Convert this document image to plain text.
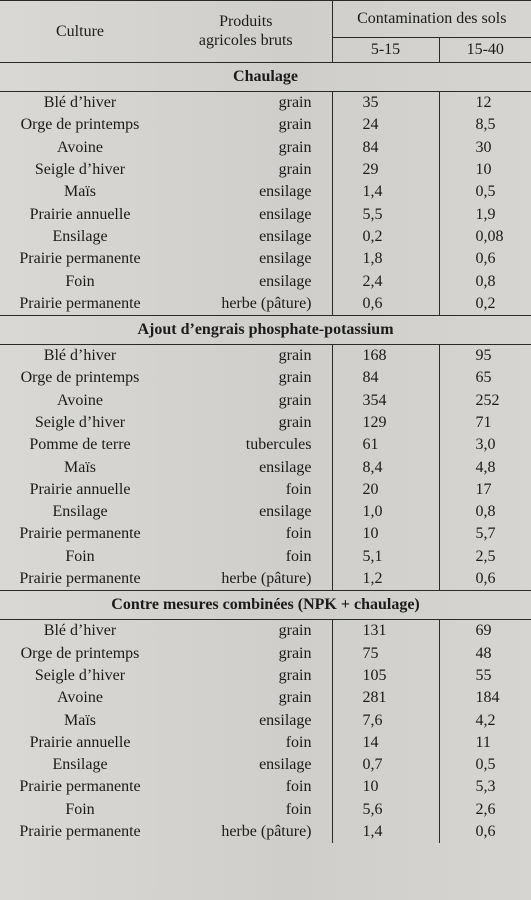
Culture	Produits agricoles bruts	Contamination des sols	
		5-15	15-40
Chaulage			
Blé d’hiver	grain	35	12
Orge de printemps	grain	24	8,5
Avoine	grain	84	30
Seigle d’hiver	grain	29	10
Maïs	ensilage	1,4	0,5
Prairie annuelle	ensilage	5,5	1,9
Ensilage	ensilage	0,2	0,08
Prairie permanente	ensilage	1,8	0,6
Foin	ensilage	2,4	0,8
Prairie permanente	herbe (pâture)	0,6	0,2
Ajout d’engrais phosphate-potassium			
Blé d’hiver	grain	168	95
Orge de printemps	grain	84	65
Avoine	grain	354	252
Seigle d’hiver	grain	129	71
Pomme de terre	tubercules	61	3,0
Maïs	ensilage	8,4	4,8
Prairie annuelle	foin	20	17
Ensilage	ensilage	1,0	0,8
Prairie permanente	foin	10	5,7
Foin	foin	5,1	2,5
Prairie permanente	herbe (pâture)	1,2	0,6
Contre mesures combinées (NPK + chaulage)			
Blé d’hiver	grain	131	69
Orge de printemps	grain	75	48
Seigle d’hiver	grain	105	55
Avoine	grain	281	184
Maïs	ensilage	7,6	4,2
Prairie annuelle	foin	14	11
Ensilage	ensilage	0,7	0,5
Prairie permanente	foin	10	5,3
Foin	foin	5,6	2,6
Prairie permanente	herbe (pâture)	1,4	0,6
